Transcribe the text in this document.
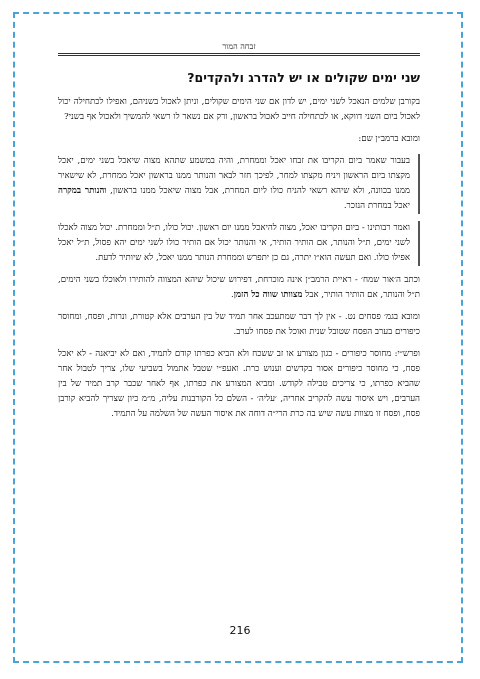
זבחה המור
שני ימים שקולים או יש להדרג ולהקדים?

בקורבן שלמים הנאכל לשני ימים, יש לדון אם שני הימים שקולים, וניתן לאכול בשניהם, ואפילו לכתחילה יכול לאכול ביום השני דווקא, או לכתחילה חייב לאכול בראשון, ורק אם נשאר לו רשאי להמשיך ולאכול אף בשני?

ומובא ברמב״ן שם:

בעבור שאמר ביום הקריבו את זבחו יאכל וממחרת, והיה במשמע שתהא מצוה שיאכל בשני ימים, יאכל מקצתו ביום הראשון ויניח מקצתו למחר, לפיכך חזר לבאר והנותר ממנו בראשון יאכל ממחרת, לא שישאיר ממנו בכוונה, ולא שיהא רשאי להניח כולו ליום המחרת, אבל מצוה שיאכל ממנו בראשון, והנותר במקרה יאכל במחרת הנזכר.

ואמר רבותינו - ביום הקריבו יאכל, מצוה להיאכל ממנו יום ראשון. יכול כולו, ת״ל וממחרת. יכול מצוה לאכלו לשני ימים, ת״ל והנותר, אם הותיר הותיר, אי והנותר יכול אם הותיר כולו לשני ימים יהא פסול, ת״ל יאכל אפילו כולו. ואם תעשה הוא״ו יתרה, גם כן יתפרש וממחרת הנותר ממנו יאכל, לא שיותיר לדעת.

וכתב ה׳אור שמח׳ - ראיית הרמב״ן אינה מוכרחת, דפירוש שיכול שיהא המצווה להותירו ולאוכלו בשני הימים, ת״ל והנותר, אם הותיר הותיר, אבל מצוותו שווה כל הזמן.

ומובא בגמ׳ פסחים נט. - אין לך דבר שמתעכב אחר תמיד של בין הערבים אלא קטורת, ונרות, ופסח, ומחוסר כיפורים בערב הפסח שטובל שנית ואוכל את פסחו לערב.

ופרש״י: מחוסר כיפורים - כגון מצורע או זב ששכח ולא הביא כפרתו קודם לתמיד, ואם לא יביאנה - לא יאכל פסח, כי מחוסר כיפורים אסור בקדשים וענוש כרת. ואעפ״י שטבל אתמול בשביעי שלו, צריך לטבול אחר שהביא כפרתו, כי צריכים טבילה לקודש. ומביא המצורע את כפרתו, אף לאחר שכבר קרב תמיד של בין הערבים, ויש איסור עשה להקריב אחריה, ׳עליה׳ - השלם כל הקורבנות עליה, מ״מ כיון שצריך להביא קורבן פסח, ופסח זו מצוות עשה שיש בה כרת הרי״ה דוחה את איסור העשה של השלמה על התמיד.

216
